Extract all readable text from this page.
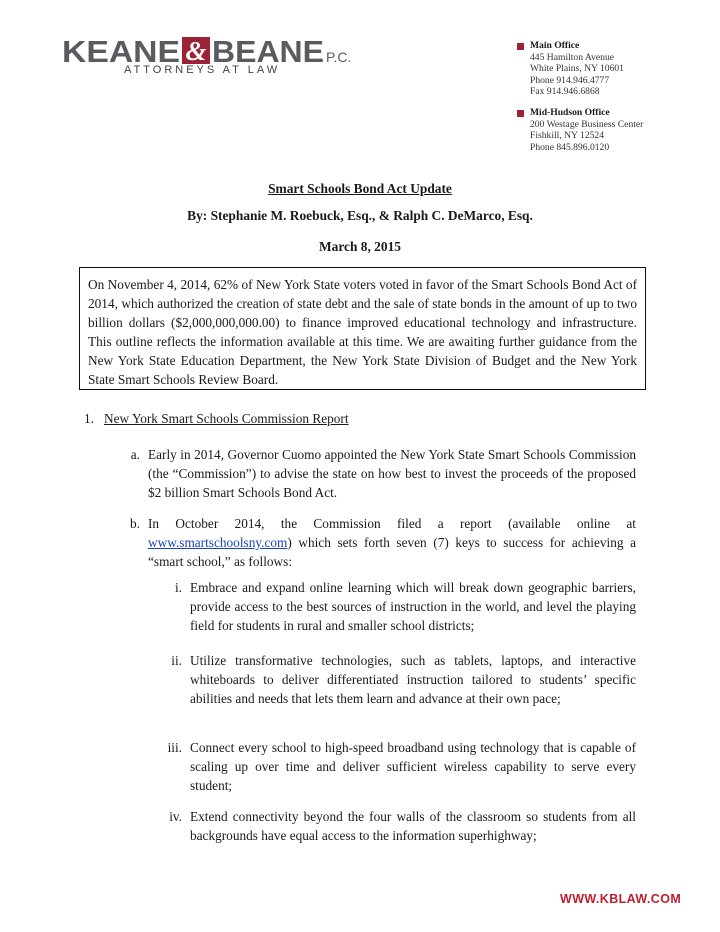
KEANE & BEANE P.C.
ATTORNEYS AT LAW
Main Office
445 Hamilton Avenue
White Plains, NY 10601
Phone 914.946.4777
Fax 914.946.6868
Mid-Hudson Office
200 Westage Business Center
Fishkill, NY 12524
Phone 845.896.0120
Smart Schools Bond Act Update
By: Stephanie M. Roebuck, Esq., & Ralph C. DeMarco, Esq.
March 8, 2015
On November 4, 2014, 62% of New York State voters voted in favor of the Smart Schools Bond Act of 2014, which authorized the creation of state debt and the sale of state bonds in the amount of up to two billion dollars ($2,000,000,000.00) to finance improved educational technology and infrastructure. This outline reflects the information available at this time. We are awaiting further guidance from the New York State Education Department, the New York State Division of Budget and the New York State Smart Schools Review Board.
1. New York Smart Schools Commission Report
a. Early in 2014, Governor Cuomo appointed the New York State Smart Schools Commission (the “Commission”) to advise the state on how best to invest the proceeds of the proposed $2 billion Smart Schools Bond Act.
b. In October 2014, the Commission filed a report (available online at www.smartschoolsny.com) which sets forth seven (7) keys to success for achieving a “smart school,” as follows:
i. Embrace and expand online learning which will break down geographic barriers, provide access to the best sources of instruction in the world, and level the playing field for students in rural and smaller school districts;
ii. Utilize transformative technologies, such as tablets, laptops, and interactive whiteboards to deliver differentiated instruction tailored to students’ specific abilities and needs that lets them learn and advance at their own pace;
iii. Connect every school to high-speed broadband using technology that is capable of scaling up over time and deliver sufficient wireless capability to serve every student;
iv. Extend connectivity beyond the four walls of the classroom so students from all backgrounds have equal access to the information superhighway;
WWW.KBLAW.COM
